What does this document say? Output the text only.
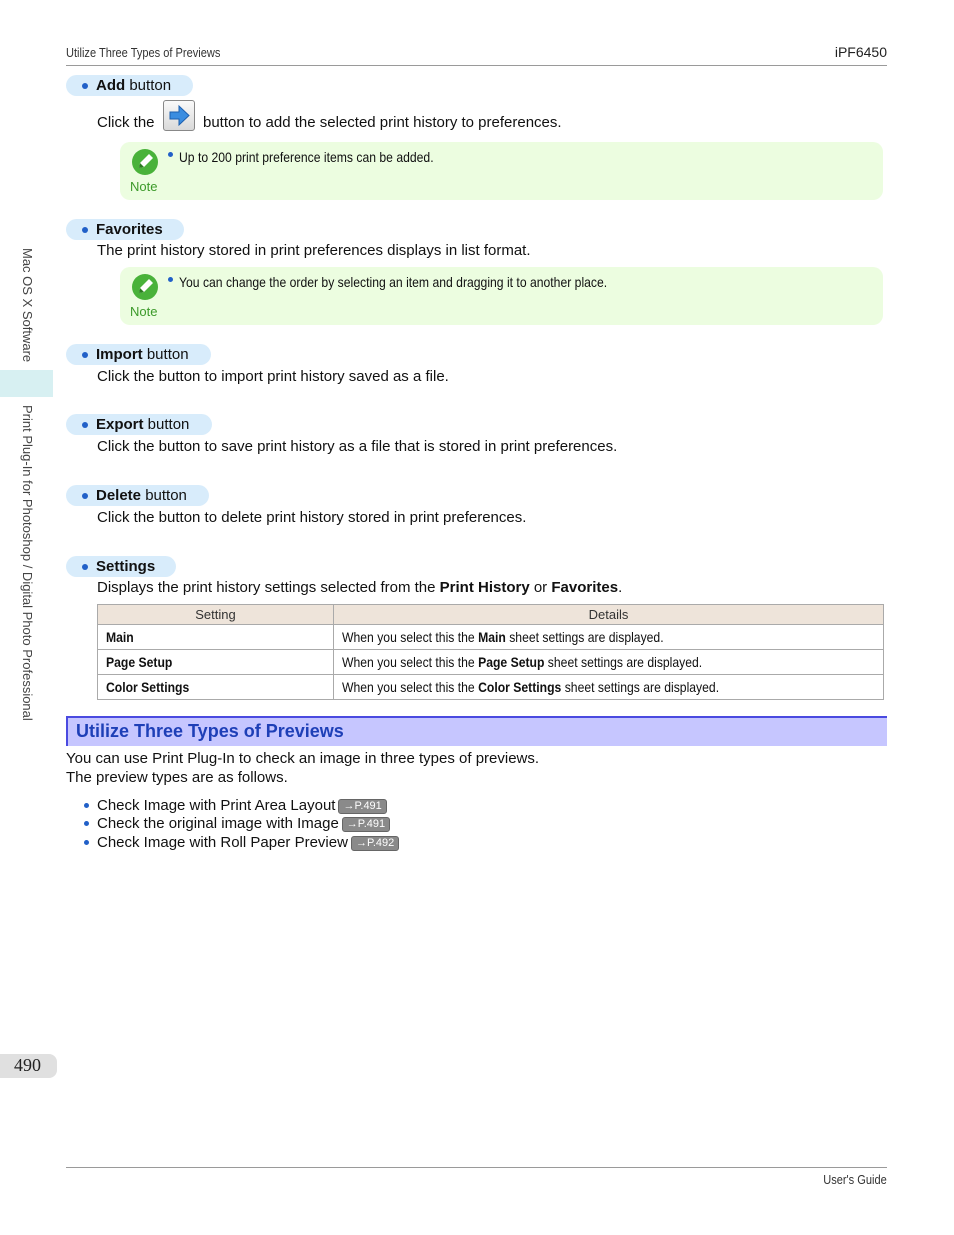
Utilize Three Types of Previews	iPF6450
Mac OS X Software
Print Plug-In for Photoshop / Digital Photo Professional
Add button
Click the	button to add the selected print history to preferences.
Up to 200 print preference items can be added.
Note
Favorites
The print history stored in print preferences displays in list format.
You can change the order by selecting an item and dragging it to another place.
Note
Import button
Click the button to import print history saved as a file.
Export button
Click the button to save print history as a file that is stored in print preferences.
Delete button
Click the button to delete print history stored in print preferences.
Settings
Displays the print history settings selected from the Print History or Favorites.
Setting	Details
Main	When you select this the Main sheet settings are displayed.
Page Setup	When you select this the Page Setup sheet settings are displayed.
Color Settings	When you select this the Color Settings sheet settings are displayed.
Utilize Three Types of Previews
You can use Print Plug-In to check an image in three types of previews.
The preview types are as follows.
Check Image with Print Area Layout →P.491
Check the original image with Image →P.491
Check Image with Roll Paper Preview →P.492
490
User's Guide
